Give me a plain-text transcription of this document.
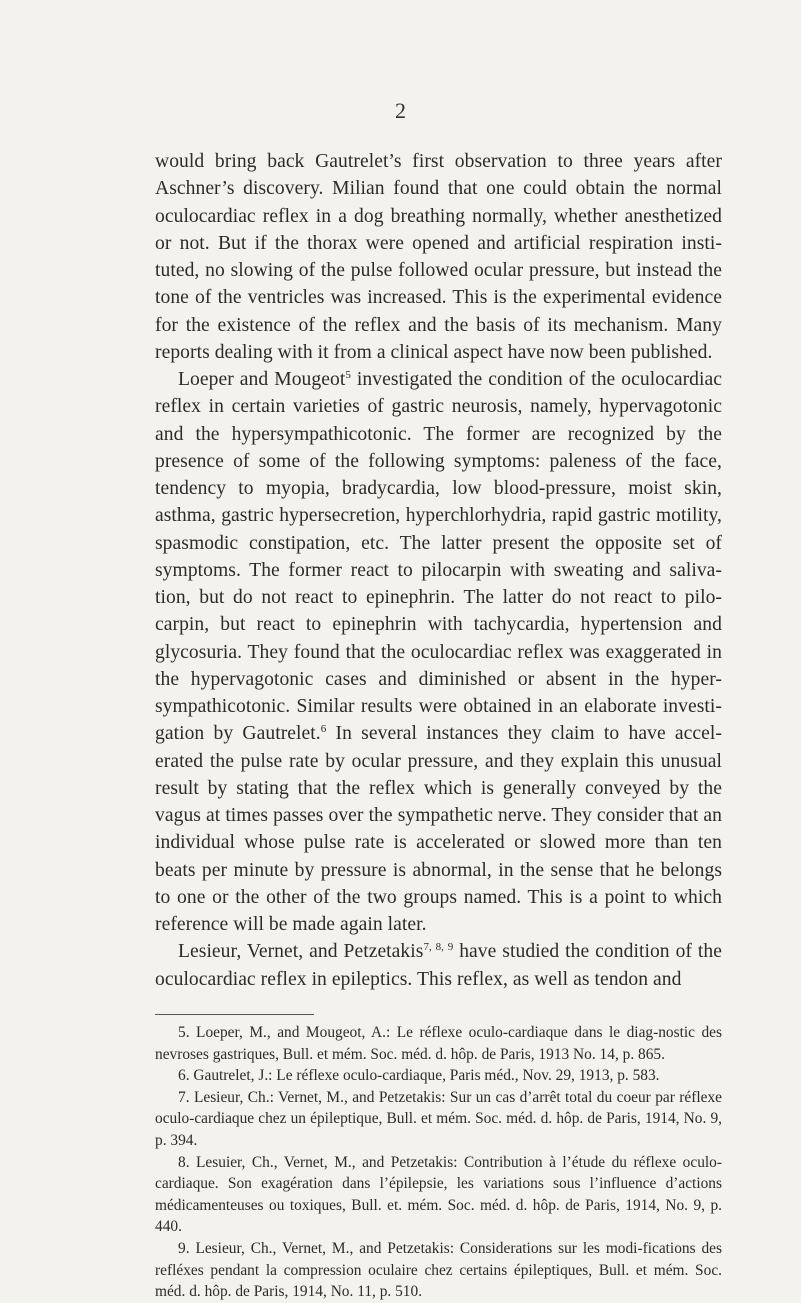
2

would bring back Gautrelet’s first observation to three years after Aschner’s discovery. Milian found that one could obtain the normal oculocardiac reflex in a dog breathing normally, whether anesthetized or not. But if the thorax were opened and artificial respiration insti-tuted, no slowing of the pulse followed ocular pressure, but instead the tone of the ventricles was increased. This is the experimental evidence for the existence of the reflex and the basis of its mechanism. Many reports dealing with it from a clinical aspect have now been published.

Loeper and Mougeot$^5$ investigated the condition of the oculocardiac reflex in certain varieties of gastric neurosis, namely, hypervagotonic and the hypersympathicotonic. The former are recognized by the presence of some of the following symptoms: paleness of the face, tendency to myopia, bradycardia, low blood-pressure, moist skin, asthma, gastric hypersecretion, hyperchlorhydria, rapid gastric motility, spasmodic constipation, etc. The latter present the opposite set of symptoms. The former react to pilocarpin with sweating and saliva-tion, but do not react to epinephrin. The latter do not react to pilo-carpin, but react to epinephrin with tachycardia, hypertension and glycosuria. They found that the oculocardiac reflex was exaggerated in the hypervagotonic cases and diminished or absent in the hyper-sympathicotonic. Similar results were obtained in an elaborate investi-gation by Gautrelet.$^6$ In several instances they claim to have accel-erated the pulse rate by ocular pressure, and they explain this unusual result by stating that the reflex which is generally conveyed by the vagus at times passes over the sympathetic nerve. They consider that an individual whose pulse rate is accelerated or slowed more than ten beats per minute by pressure is abnormal, in the sense that he belongs to one or the other of the two groups named. This is a point to which reference will be made again later.

Lesieur, Vernet, and Petzetakis$^{7, 8, 9}$ have studied the condition of the oculocardiac reflex in epileptics. This reflex, as well as tendon and

5. Loeper, M., and Mougeot, A.: Le réflexe oculo-cardiaque dans le diag-nostic des nevroses gastriques, Bull. et mém. Soc. méd. d. hôp. de Paris, 1913 No. 14, p. 865.

6. Gautrelet, J.: Le réflexe oculo-cardiaque, Paris méd., Nov. 29, 1913, p. 583.

7. Lesieur, Ch.: Vernet, M., and Petzetakis: Sur un cas d’arrêt total du coeur par réflexe oculo-cardiaque chez un épileptique, Bull. et mém. Soc. méd. d. hôp. de Paris, 1914, No. 9, p. 394.

8. Lesuier, Ch., Vernet, M., and Petzetakis: Contribution à l’étude du réflexe oculo-cardiaque. Son exagération dans l’épilepsie, les variations sous l’influence d’actions médicamenteuses ou toxiques, Bull. et. mém. Soc. méd. d. hôp. de Paris, 1914, No. 9, p. 440.

9. Lesieur, Ch., Vernet, M., and Petzetakis: Considerations sur les modi-fications des refléxes pendant la compression oculaire chez certains épileptiques, Bull. et mém. Soc. méd. d. hôp. de Paris, 1914, No. 11, p. 510.
